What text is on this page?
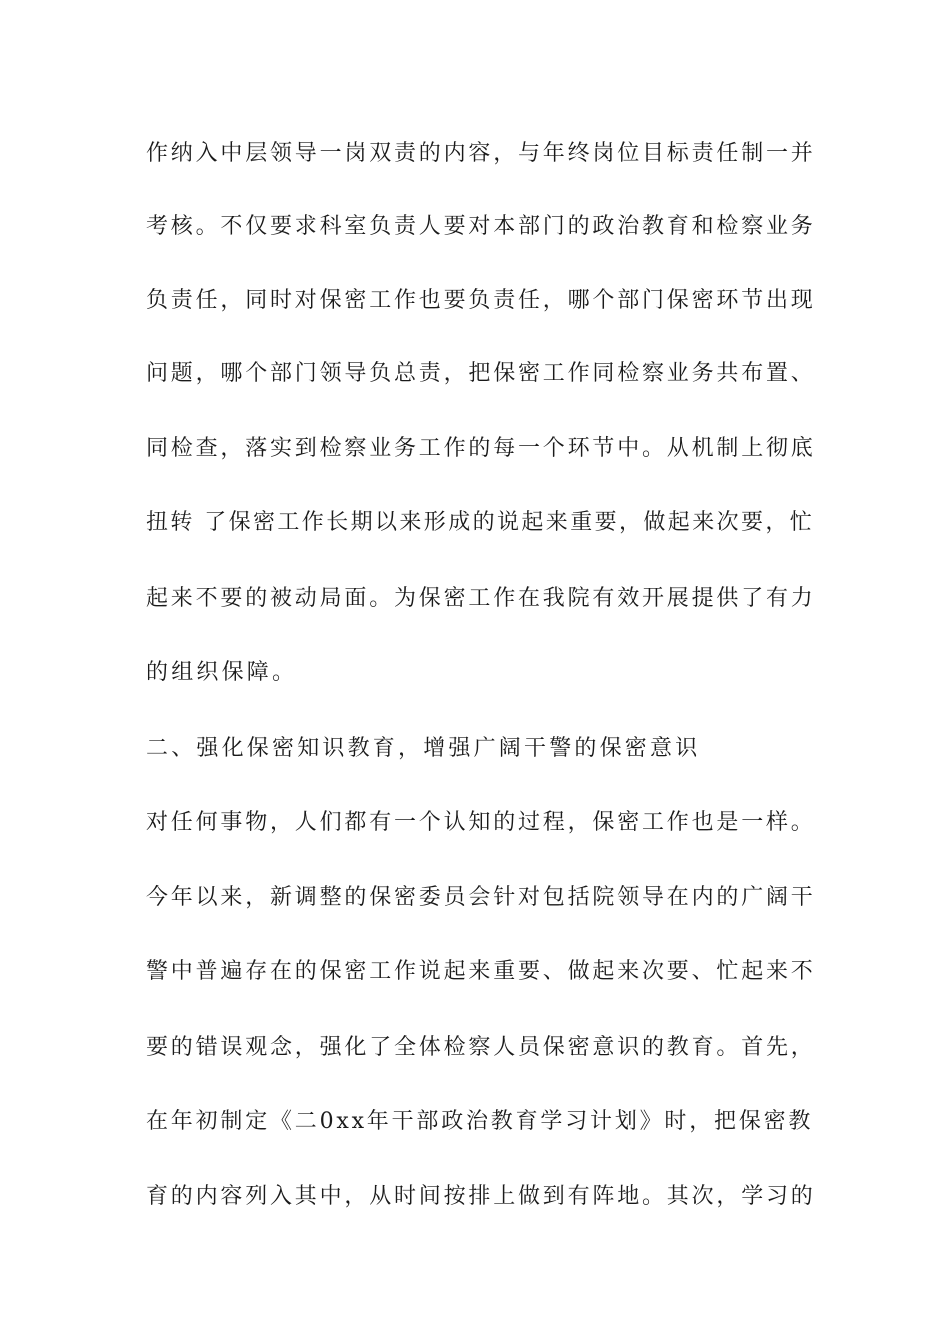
作纳入中层领导一岗双责的内容，与年终岗位目标责任制一并
考核。不仅要求科室负责人要对本部门的政治教育和检察业务
负责任，同时对保密工作也要负责任，哪个部门保密环节出现
问题，哪个部门领导负总责，把保密工作同检察业务共布置、
同检查，落实到检察业务工作的每一个环节中。从机制上彻底
扭转 了保密工作长期以来形成的说起来重要，做起来次要，忙
起来不要的被动局面。为保密工作在我院有效开展提供了有力
的组织保障。
二、强化保密知识教育，增强广阔干警的保密意识
对任何事物，人们都有一个认知的过程，保密工作也是一样。
今年以来，新调整的保密委员会针对包括院领导在内的广阔干
警中普遍存在的保密工作说起来重要、做起来次要、忙起来不
要的错误观念，强化了全体检察人员保密意识的教育。首先，
在年初制定《二0xx年干部政治教育学习计划》时，把保密教
育的内容列入其中，从时间按排上做到有阵地。其次，学习的
